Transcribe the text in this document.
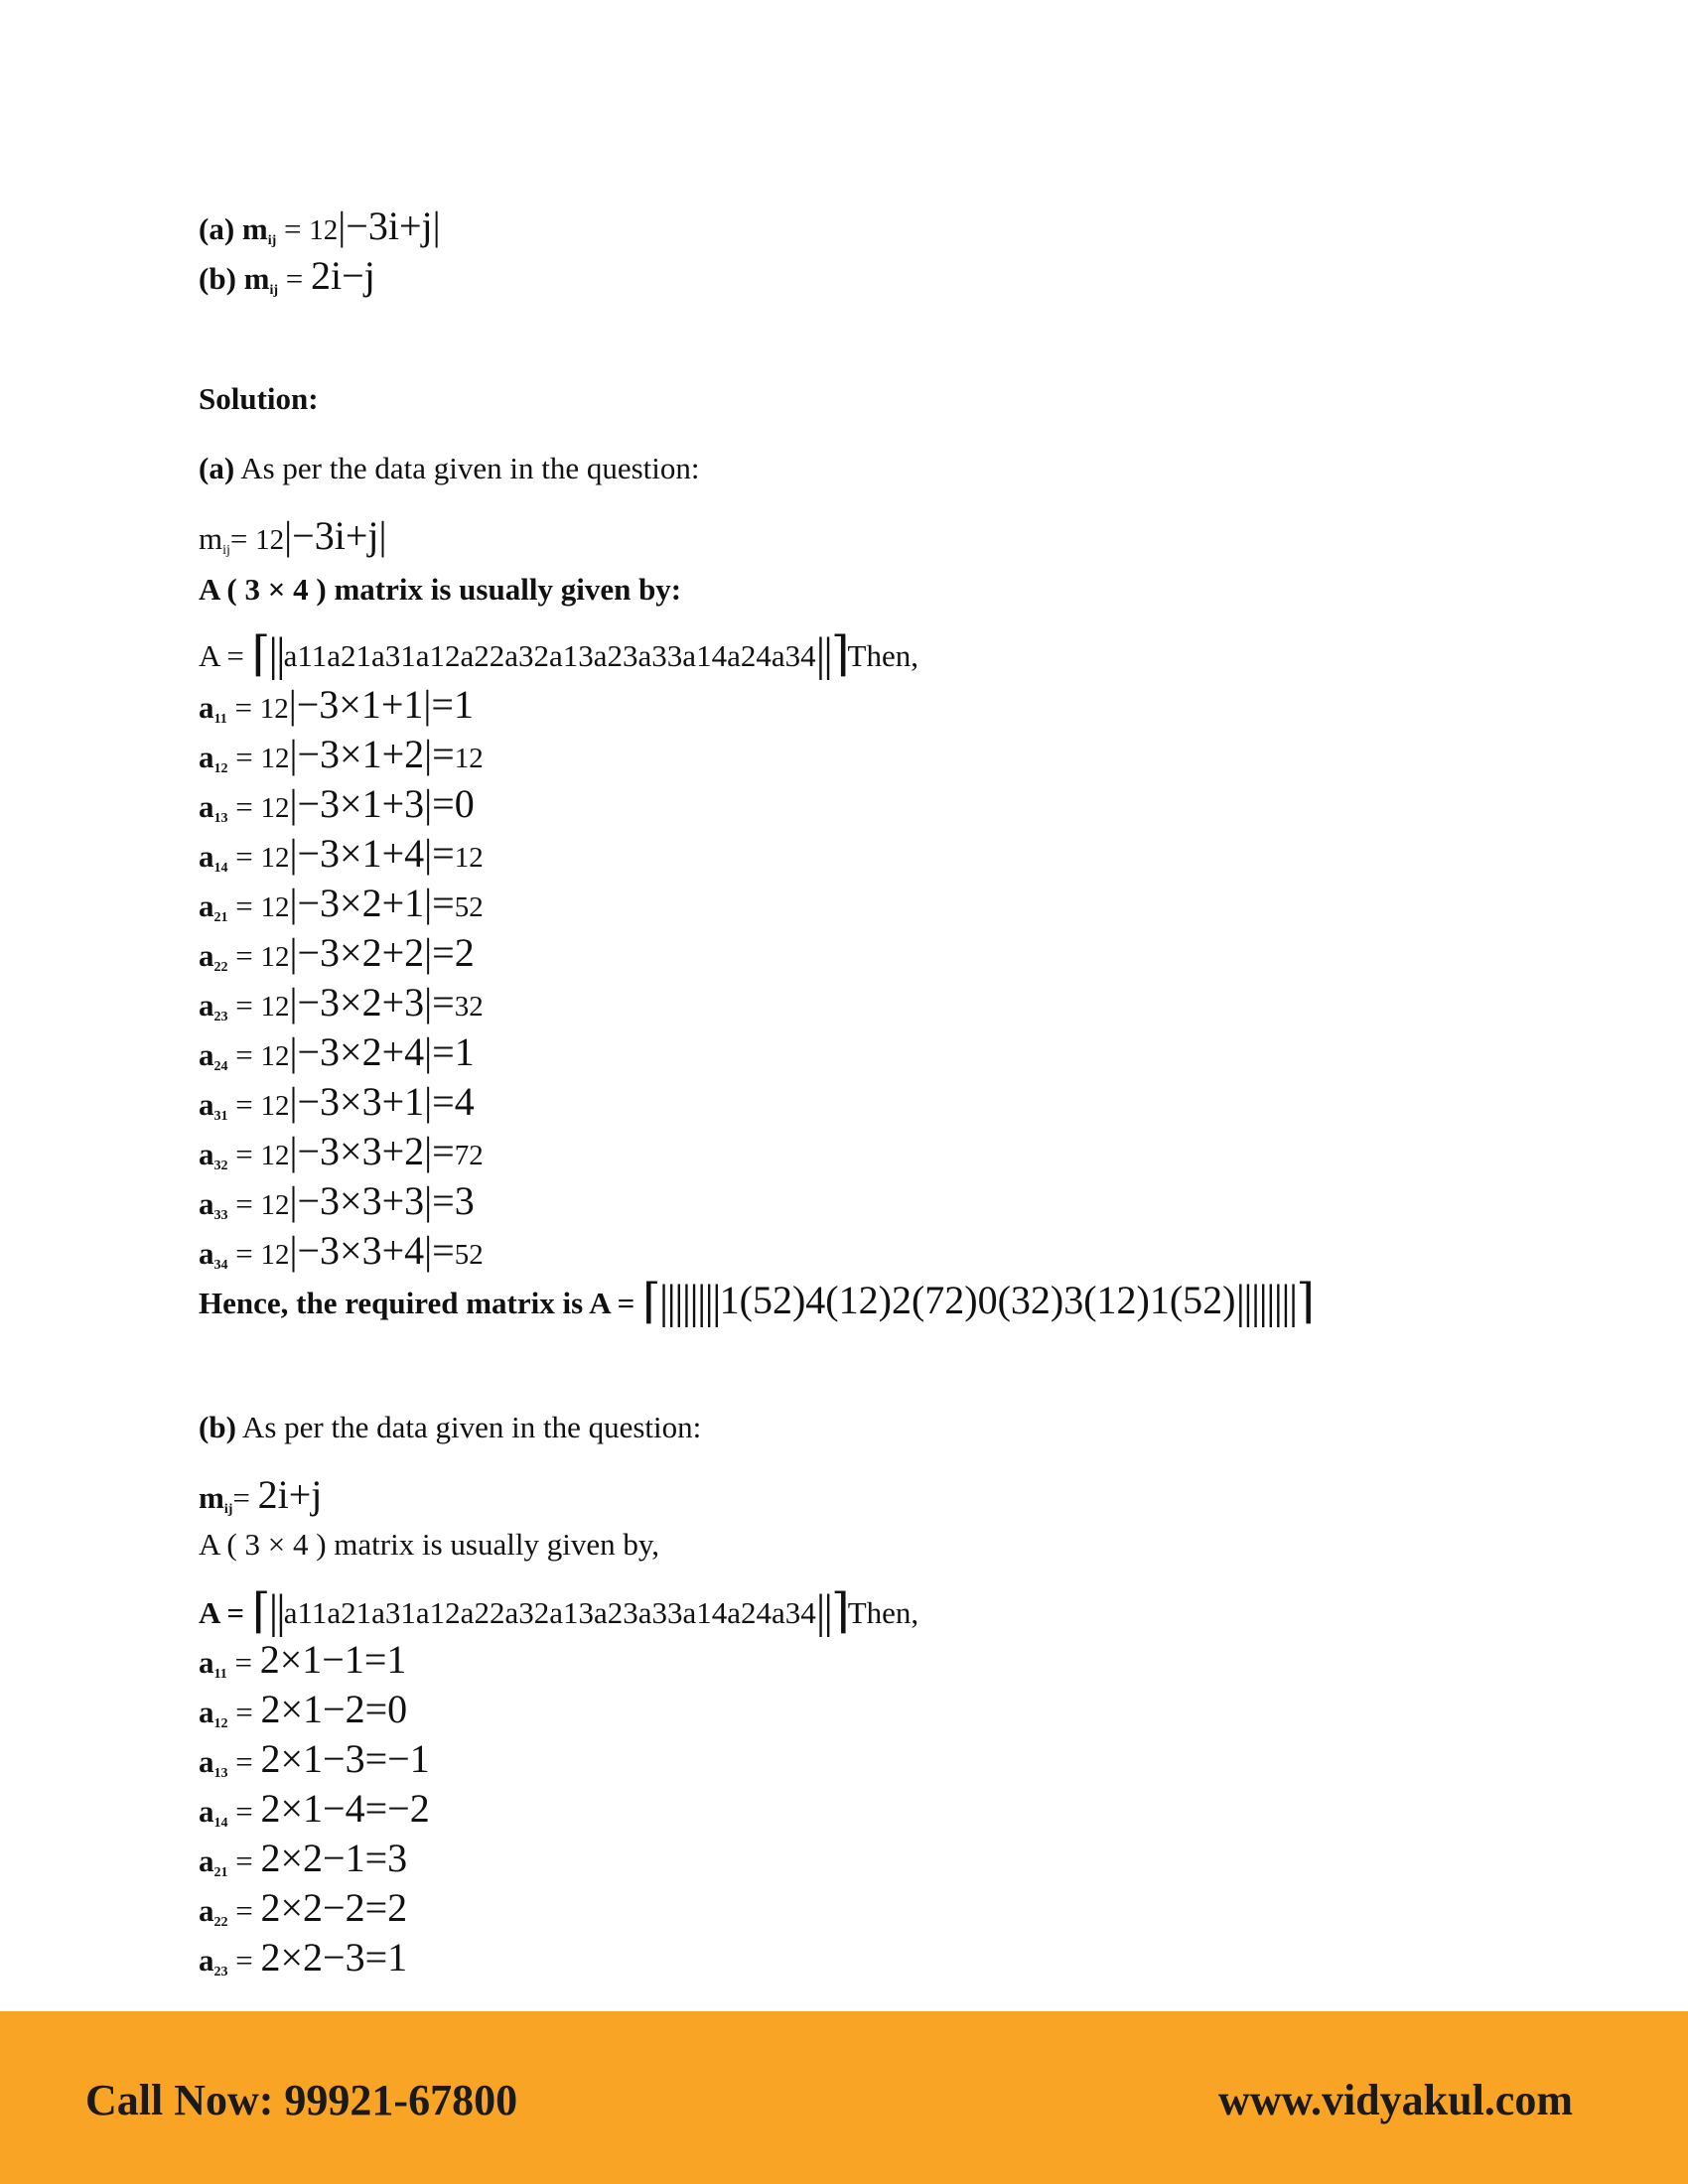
(a) $m_{ij} = 12|-3i+j|$
(b) $m_{ij} = 2i-j$
Solution:
(a) As per the data given in the question:
mij= 12|−3i+j|
A ( 3 × 4 ) matrix is usually given by:
A = ⌈||a11a21a31a12a22a32a13a23a33a14a24a34||⌉Then,
$a_{11} = 12|-3\times 1+1|=1$
$a_{12} = 12|-3\times 1+2|=12$
$a_{13} = 12|-3\times 1+3|=0$
$a_{14} = 12|-3\times 1+4|=12$
$a_{21} = 12|-3\times 2+1|=52$
$a_{22} = 12|-3\times 2+2|=2$
$a_{23} = 12|-3\times 2+3|=32$
$a_{24} = 12|-3\times 2+4|=1$
$a_{31} = 12|-3\times 3+1|=4$
$a_{32} = 12|-3\times 3+2|=72$
$a_{33} = 12|-3\times 3+3|=3$
$a_{34} = 12|-3\times 3+4|=52$
Hence, the required matrix is A = ⌈||||||||1(52)4(12)2(72)0(32)3(12)1(52)||||||||⌉
(b) As per the data given in the question:
$m_{ij}= 2i+j$
A ( 3 × 4 ) matrix is usually given by,
A = ⌈||a11a21a31a12a22a32a13a23a33a14a24a34||⌉Then,
$a_{11} = 2\times 1-1=1$
$a_{12} = 2\times 1-2=0$
$a_{13} = 2\times 1-3=-1$
$a_{14} = 2\times 1-4=-2$
$a_{21} = 2\times 2-1=3$
$a_{22} = 2\times 2-2=2$
$a_{23} = 2\times 2-3=1$
Call Now: 99921-67800	www.vidyakul.com
